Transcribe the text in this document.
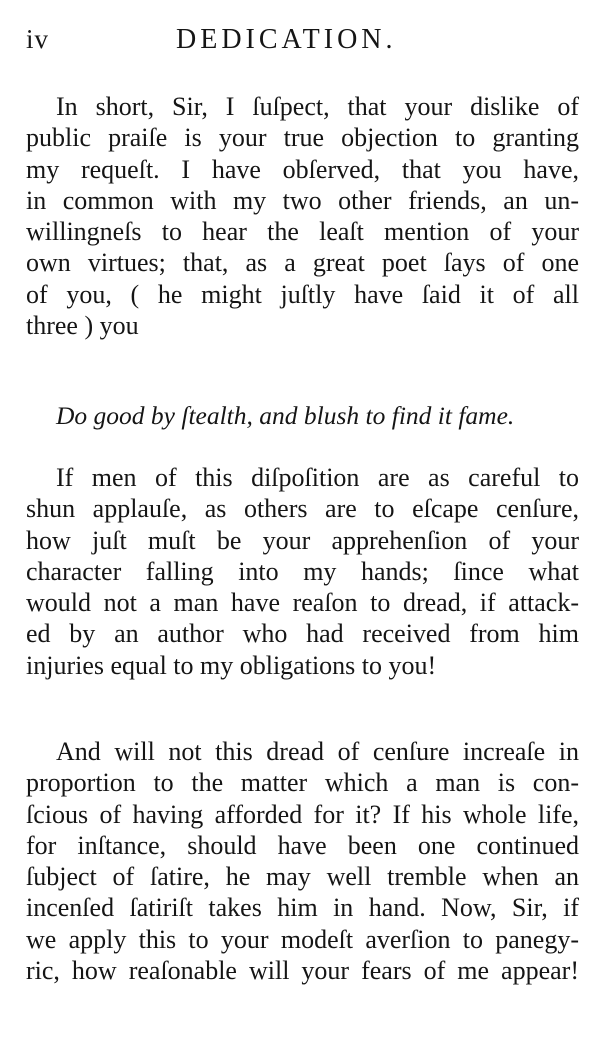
iv	DEDICATION.
In short, Sir, I ſuſpect, that your dislike of
public praiſe is your true objection to granting
my requeſt. I have obſerved, that you have,
in common with my two other friends, an un-
willingneſs to hear the leaſt mention of your
own virtues; that, as a great poet ſays of one
of you, ( he might juſtly have ſaid it of all
three ) you
Do good by ſtealth, and blush to find it fame.
If men of this diſpoſition are as careful to
shun applauſe, as others are to eſcape cenſure,
how juſt muſt be your apprehenſion of your
character falling into my hands; ſince what
would not a man have reaſon to dread, if attack-
ed by an author who had received from him
injuries equal to my obligations to you!
And will not this dread of cenſure increaſe in
proportion to the matter which a man is con-
ſcious of having afforded for it? If his whole life,
for inſtance, should have been one continued
ſubject of ſatire, he may well tremble when an
incenſed ſatiriſt takes him in hand. Now, Sir, if
we apply this to your modeſt averſion to panegy-
ric, how reaſonable will your fears of me appear!
